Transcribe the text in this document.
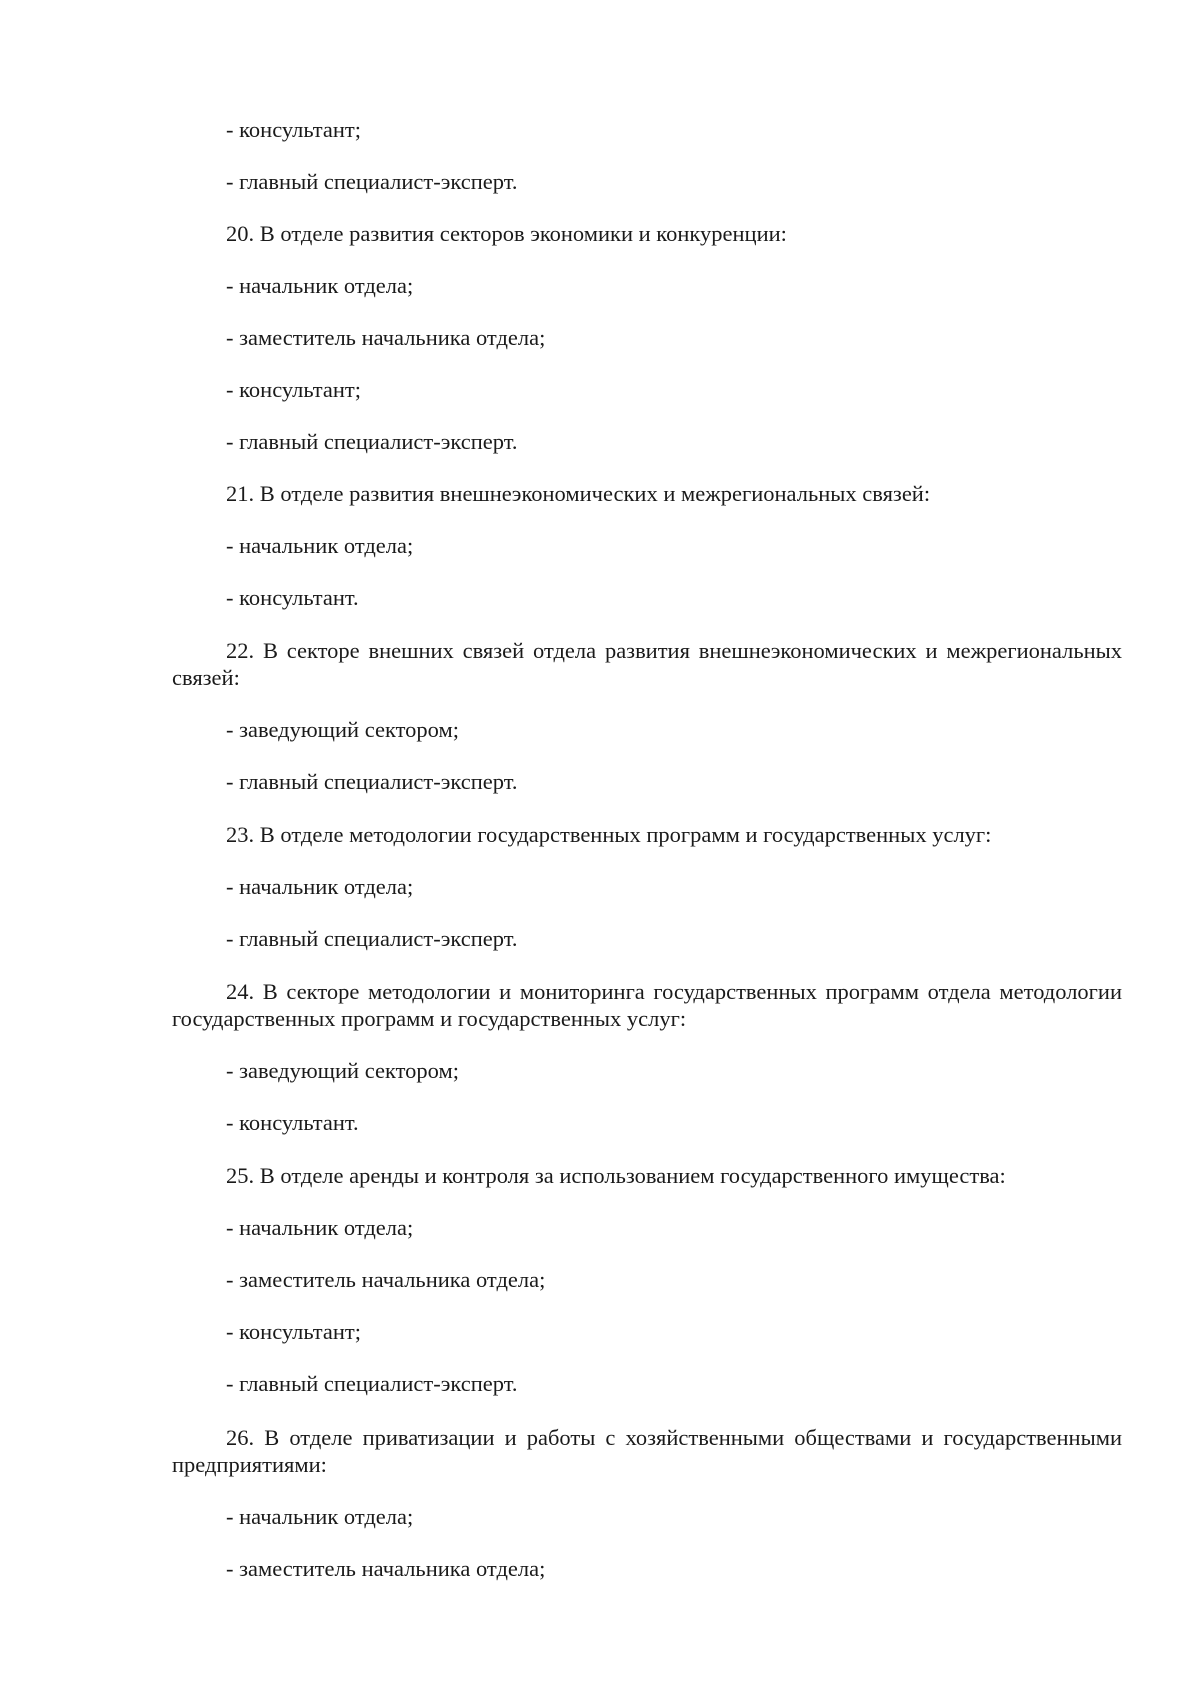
- консультант;

- главный специалист-эксперт.

20. В отделе развития секторов экономики и конкуренции:

- начальник отдела;

- заместитель начальника отдела;

- консультант;

- главный специалист-эксперт.

21. В отделе развития внешнеэкономических и межрегиональных связей:

- начальник отдела;

- консультант.

22. В секторе внешних связей отдела развития внешнеэкономических и межрегиональных связей:

- заведующий сектором;

- главный специалист-эксперт.

23. В отделе методологии государственных программ и государственных услуг:

- начальник отдела;

- главный специалист-эксперт.

24. В секторе методологии и мониторинга государственных программ отдела методологии государственных программ и государственных услуг:

- заведующий сектором;

- консультант.

25. В отделе аренды и контроля за использованием государственного имущества:

- начальник отдела;

- заместитель начальника отдела;

- консультант;

- главный специалист-эксперт.

26. В отделе приватизации и работы с хозяйственными обществами и государственными предприятиями:

- начальник отдела;

- заместитель начальника отдела;
